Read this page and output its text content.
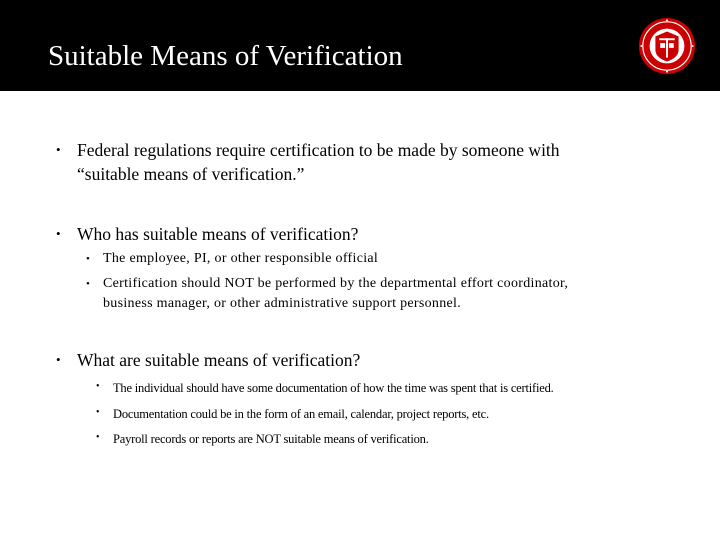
Suitable Means of Verification
• Federal regulations require certification to be made by someone with
“suitable means of verification.”
• Who has suitable means of verification?
• The employee, PI, or other responsible official
• Certification should NOT be performed by the departmental effort coordinator,
business manager, or other administrative support personnel.
• What are suitable means of verification?
• The individual should have some documentation of how the time was spent that is certified.
• Documentation could be in the form of an email, calendar, project reports, etc.
• Payroll records or reports are NOT suitable means of verification.
